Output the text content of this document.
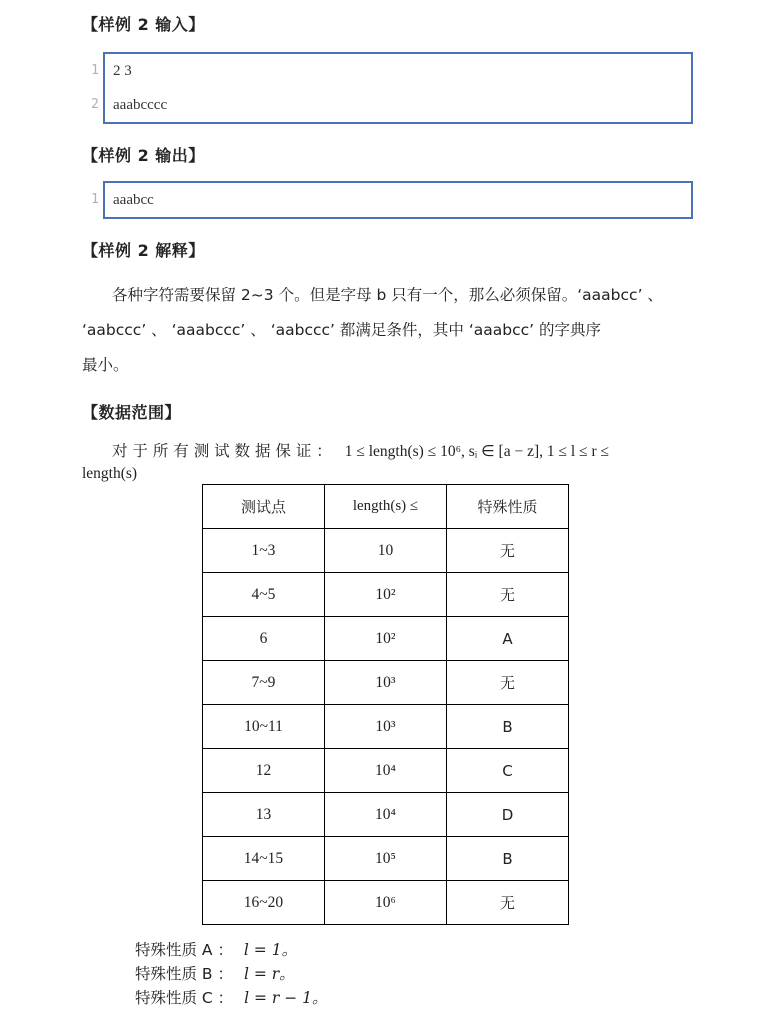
【样例 2 输入】
1 2 3
2 aaabcccc
【样例 2 输出】
1 aaabcc
【样例 2 解释】
各种字符需要保留 2~3 个。但是字母 b 只有一个，那么必须保留。‘aaabcc’ 、
‘aabccc’ 、 ‘aaabccc’ 、 ‘aabccc’ 都满足条件，其中 ‘aaabcc’ 的字典序
最小。
【数据范围】
对 于 所 有 测 试 数 据 保 证 ： 1 ≤ length(s) ≤ 10⁶, sᵢ ∈ [a − z], 1 ≤ l ≤ r ≤
length(s)
测试点	length(s) ≤	特殊性质
1~3	10	无
4~5	10²	无
6	10²	A
7~9	10³	无
10~11	10³	B
12	10⁴	C
13	10⁴	D
14~15	10⁵	B
16~20	10⁶	无
特殊性质 A ： l = 1。
特殊性质 B ： l = r。
特殊性质 C ： l = r − 1。
